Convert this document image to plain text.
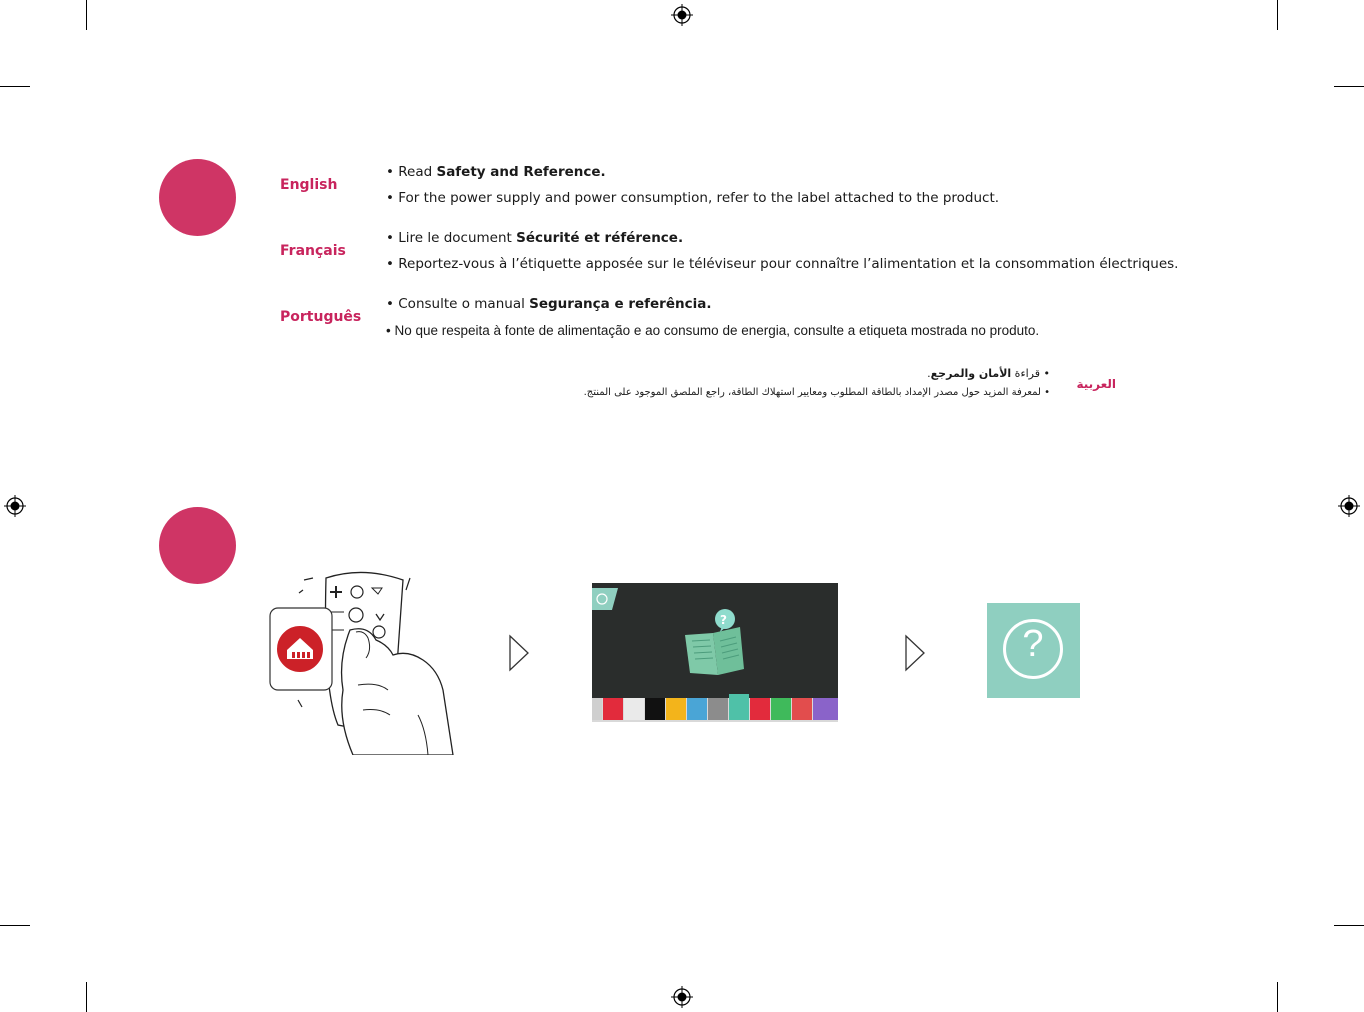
English
• Read Safety and Reference.
• For the power supply and power consumption, refer to the label attached to the product.
Français
• Lire le document Sécurité et référence.
• Reportez-vous à l’étiquette apposée sur le téléviseur pour connaître l’alimentation et la consommation électriques.
Português
• Consulte o manual Segurança e referência.
• No que respeita à fonte de alimentação e ao consumo de energia, consulte a etiqueta mostrada no produto.
العربية
• قراءة الأمان والمرجع.
• لمعرفة المزيد حول مصدر الإمداد بالطاقة المطلوب ومعايير استهلاك الطاقة، راجع الملصق الموجود على المنتج.
?
?
